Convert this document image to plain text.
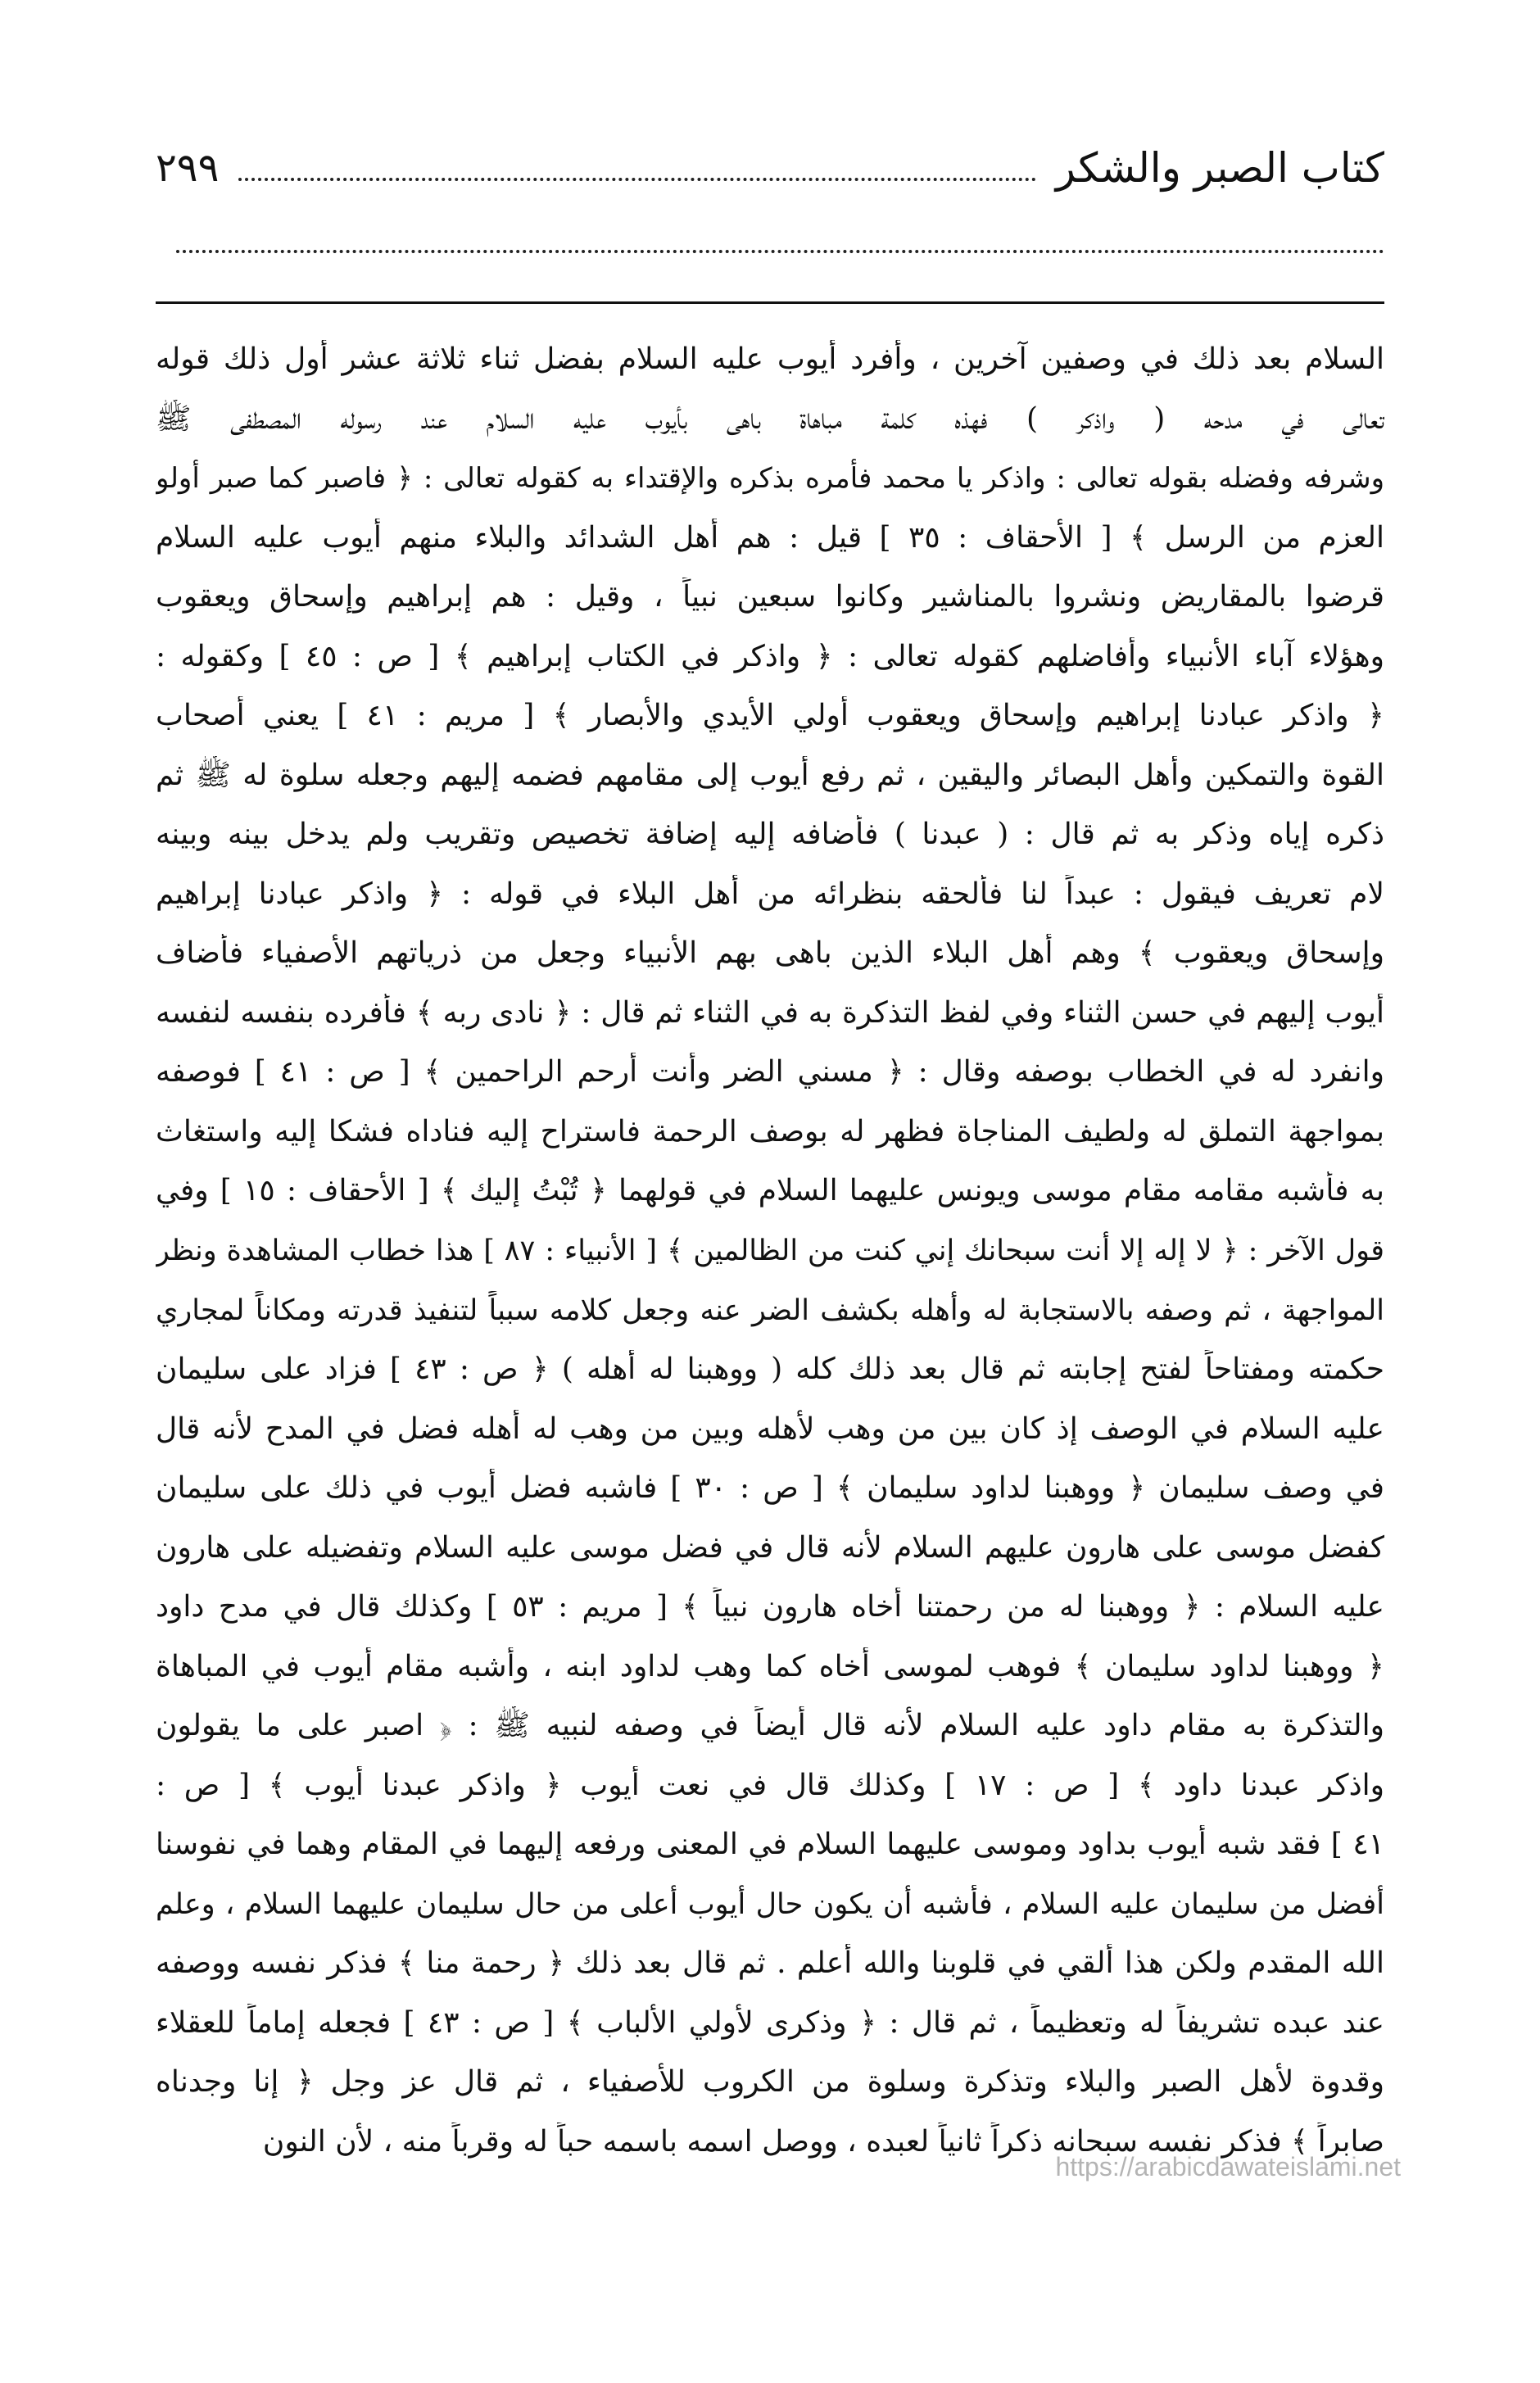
كتاب الصبر والشكر
٢٩٩
السلام بعد ذلك في وصفين آخرين ، وأفرد أيوب عليه السلام بفضل ثناء ثلاثة عشر أول ذلك قوله
تعالى في مدحه ( واذكر ) فهذه كلمة مباهاة باهى بأيوب عليه السلام عند رسوله المصطفى ﷺ
وشرفه وفضله بقوله تعالى : واذكر يا محمد فأمره بذكره والإقتداء به كقوله تعالى : ﴿ فاصبر كما صبر أولو
العزم من الرسل ﴾ [ الأحقاف : ٣٥ ] قيل : هم أهل الشدائد والبلاء منهم أيوب عليه السلام
قرضوا بالمقاريض ونشروا بالمناشير وكانوا سبعين نبياً ، وقيل : هم إبراهيم وإسحاق ويعقوب
وهؤلاء آباء الأنبياء وأفاضلهم كقوله تعالى : ﴿ واذكر في الكتاب إبراهيم ﴾ [ ص : ٤٥ ] وكقوله :
﴿ واذكر عبادنا إبراهيم وإسحاق ويعقوب أولي الأيدي والأبصار ﴾ [ مريم : ٤١ ] يعني أصحاب
القوة والتمكين وأهل البصائر واليقين ، ثم رفع أيوب إلى مقامهم فضمه إليهم وجعله سلوة له ﷺ ثم
ذكره إياه وذكر به ثم قال : ( عبدنا ) فأضافه إليه إضافة تخصيص وتقريب ولم يدخل بينه وبينه
لام تعريف فيقول : عبداً لنا فألحقه بنظرائه من أهل البلاء في قوله : ﴿ واذكر عبادنا إبراهيم
وإسحاق ويعقوب ﴾ وهم أهل البلاء الذين باهى بهم الأنبياء وجعل من ذرياتهم الأصفياء فأضاف
أيوب إليهم في حسن الثناء وفي لفظ التذكرة به في الثناء ثم قال : ﴿ نادى ربه ﴾ فأفرده بنفسه لنفسه
وانفرد له في الخطاب بوصفه وقال : ﴿ مسني الضر وأنت أرحم الراحمين ﴾ [ ص : ٤١ ] فوصفه
بمواجهة التملق له ولطيف المناجاة فظهر له بوصف الرحمة فاستراح إليه فناداه فشكا إليه واستغاث
به فأشبه مقامه مقام موسى ويونس عليهما السلام في قولهما ﴿ تُبْتُ إليك ﴾ [ الأحقاف : ١٥ ] وفي
قول الآخر : ﴿ لا إله إلا أنت سبحانك إني كنت من الظالمين ﴾ [ الأنبياء : ٨٧ ] هذا خطاب المشاهدة ونظر
المواجهة ، ثم وصفه بالاستجابة له وأهله بكشف الضر عنه وجعل كلامه سبباً لتنفيذ قدرته ومكاناً لمجاري
حكمته ومفتاحاً لفتح إجابته ثم قال بعد ذلك كله ( ووهبنا له أهله ) ﴿ ص : ٤٣ ] فزاد على سليمان
عليه السلام في الوصف إذ كان بين من وهب لأهله وبين من وهب له أهله فضل في المدح لأنه قال
في وصف سليمان ﴿ ووهبنا لداود سليمان ﴾ [ ص : ٣٠ ] فاشبه فضل أيوب في ذلك على سليمان
كفضل موسى على هارون عليهم السلام لأنه قال في فضل موسى عليه السلام وتفضيله على هارون
عليه السلام : ﴿ ووهبنا له من رحمتنا أخاه هارون نبياً ﴾ [ مريم : ٥٣ ] وكذلك قال في مدح داود
﴿ ووهبنا لداود سليمان ﴾ فوهب لموسى أخاه كما وهب لداود ابنه ، وأشبه مقام أيوب في المباهاة
والتذكرة به مقام داود عليه السلام لأنه قال أيضاً في وصفه لنبيه ﷺ : ﴿ اصبر على ما يقولون
واذكر عبدنا داود ﴾ [ ص : ١٧ ] وكذلك قال في نعت أيوب ﴿ واذكر عبدنا أيوب ﴾ [ ص :
٤١ ] فقد شبه أيوب بداود وموسى عليهما السلام في المعنى ورفعه إليهما في المقام وهما في نفوسنا
أفضل من سليمان عليه السلام ، فأشبه أن يكون حال أيوب أعلى من حال سليمان عليهما السلام ، وعلم
الله المقدم ولكن هذا ألقي في قلوبنا والله أعلم . ثم قال بعد ذلك ﴿ رحمة منا ﴾ فذكر نفسه ووصفه
عند عبده تشريفاً له وتعظيماً ، ثم قال : ﴿ وذكرى لأولي الألباب ﴾ [ ص : ٤٣ ] فجعله إماماً للعقلاء
وقدوة لأهل الصبر والبلاء وتذكرة وسلوة من الكروب للأصفياء ، ثم قال عز وجل ﴿ إنا وجدناه
صابراً ﴾ فذكر نفسه سبحانه ذكراً ثانياً لعبده ، ووصل اسمه باسمه حباً له وقرباً منه ، لأن النون
https://arabicdawateislami.net
